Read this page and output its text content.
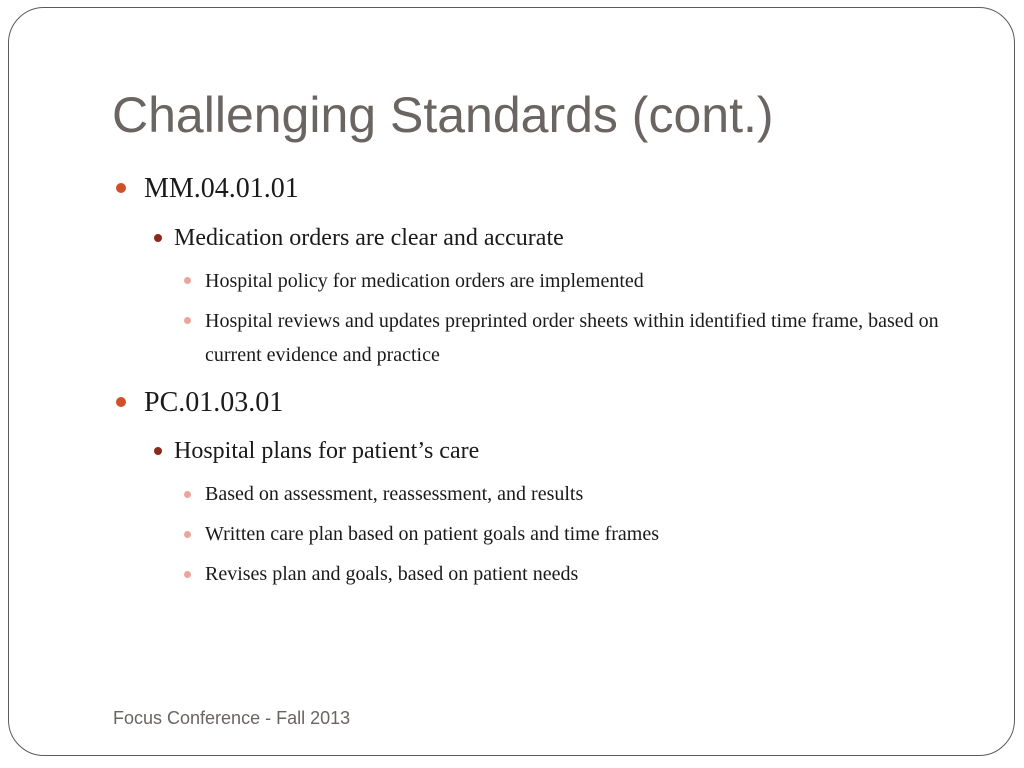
Challenging Standards (cont.)

MM.04.01.01

Medication orders are clear and accurate

Hospital policy for medication orders are implemented

Hospital reviews and updates preprinted order sheets within identified time frame, based on current evidence and practice

PC.01.03.01

Hospital plans for patient’s care

Based on assessment, reassessment, and results

Written care plan based on patient goals and time frames

Revises plan and goals, based on patient needs

Focus Conference - Fall 2013
